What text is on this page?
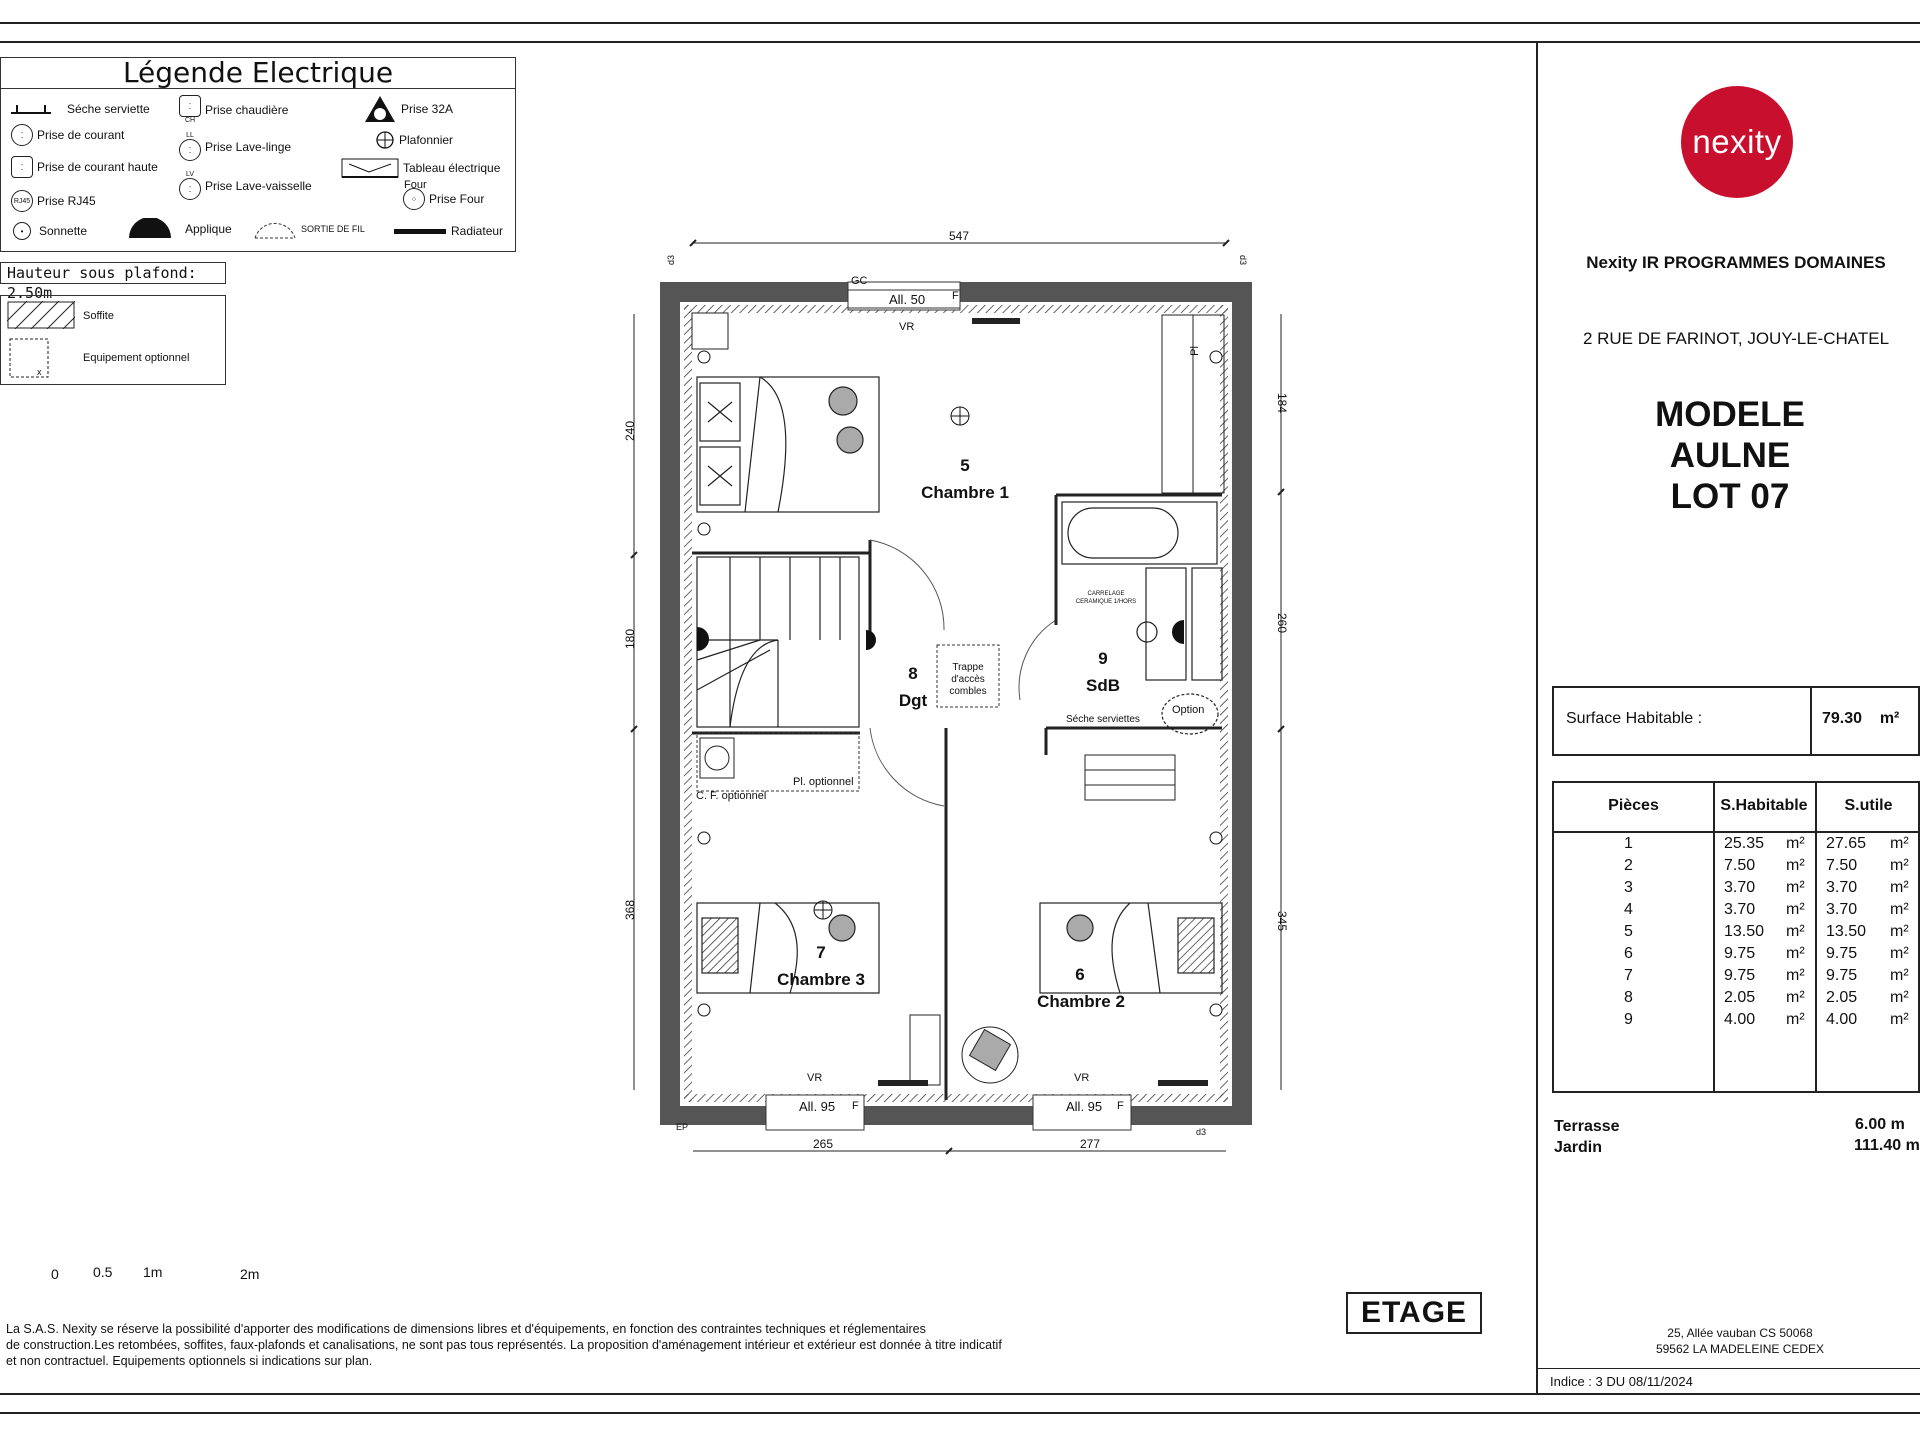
Légende Electrique
Séche serviette
⁚	Prise de courant
⁚	Prise de courant haute
RJ45 Prise RJ45
•	Sonnette
⁚
CH
Prise chaudière
LL
⁚	Prise Lave-linge
LV
⁚	Prise Lave-vaisselle
Applique	SORTIE DE FIL
Prise 32A
Plafonnier
Tableau électrique
Four
⁘ Prise Four
Radiateur
Hauteur sous plafond: 2.50m
Soffite
x
Equipement optionnel
547
240
180
368
184
260
345
265	277
GC
All. 50 F
VR
Pl
5
Chambre 1
8
Dgt
9
SdB
7
Chambre 3	6
Chambre 2
Trappe d'accès combles
CARRELAGE CERAMIQUE 1/HORS
Séche serviettes
Option
Pl. optionnel
C. F. optionnel
All. 95 F	All. 95 F
VR	VR
EP
d3	d3
d3
0 0.5 1m	2m
La S.A.S. Nexity se réserve la possibilité d'apporter des modifications de dimensions libres et d'équipements, en fonction des contraintes techniques et réglementaires
de construction.Les retombées, soffites, faux-plafonds et canalisations, ne sont pas tous représentés. La proposition d'aménagement intérieur et extérieur est donnée à titre indicatif
et non contractuel. Equipements optionnels si indications sur plan.
ETAGE
nexity
Nexity IR PROGRAMMES DOMAINES
2 RUE DE FARINOT, JOUY-LE-CHATEL
MODELE
AULNE
LOT 07
Surface Habitable :	79.30 m²
Pièces	S.Habitable	S.utile
1	25.35 m² 27.65 m²
2	7.50 m² 7.50 m²
3	3.70 m² 3.70 m²
4	3.70 m² 3.70 m²
5	13.50 m² 13.50 m²
6	9.75 m² 9.75 m²
7	9.75 m² 9.75 m²
8	2.05 m² 2.05 m²
9	4.00 m² 4.00 m²
Terrasse	6.00 m
Jardin	111.40 m
25, Allée vauban CS 50068
59562 LA MADELEINE CEDEX
Indice : 3 DU 08/11/2024
